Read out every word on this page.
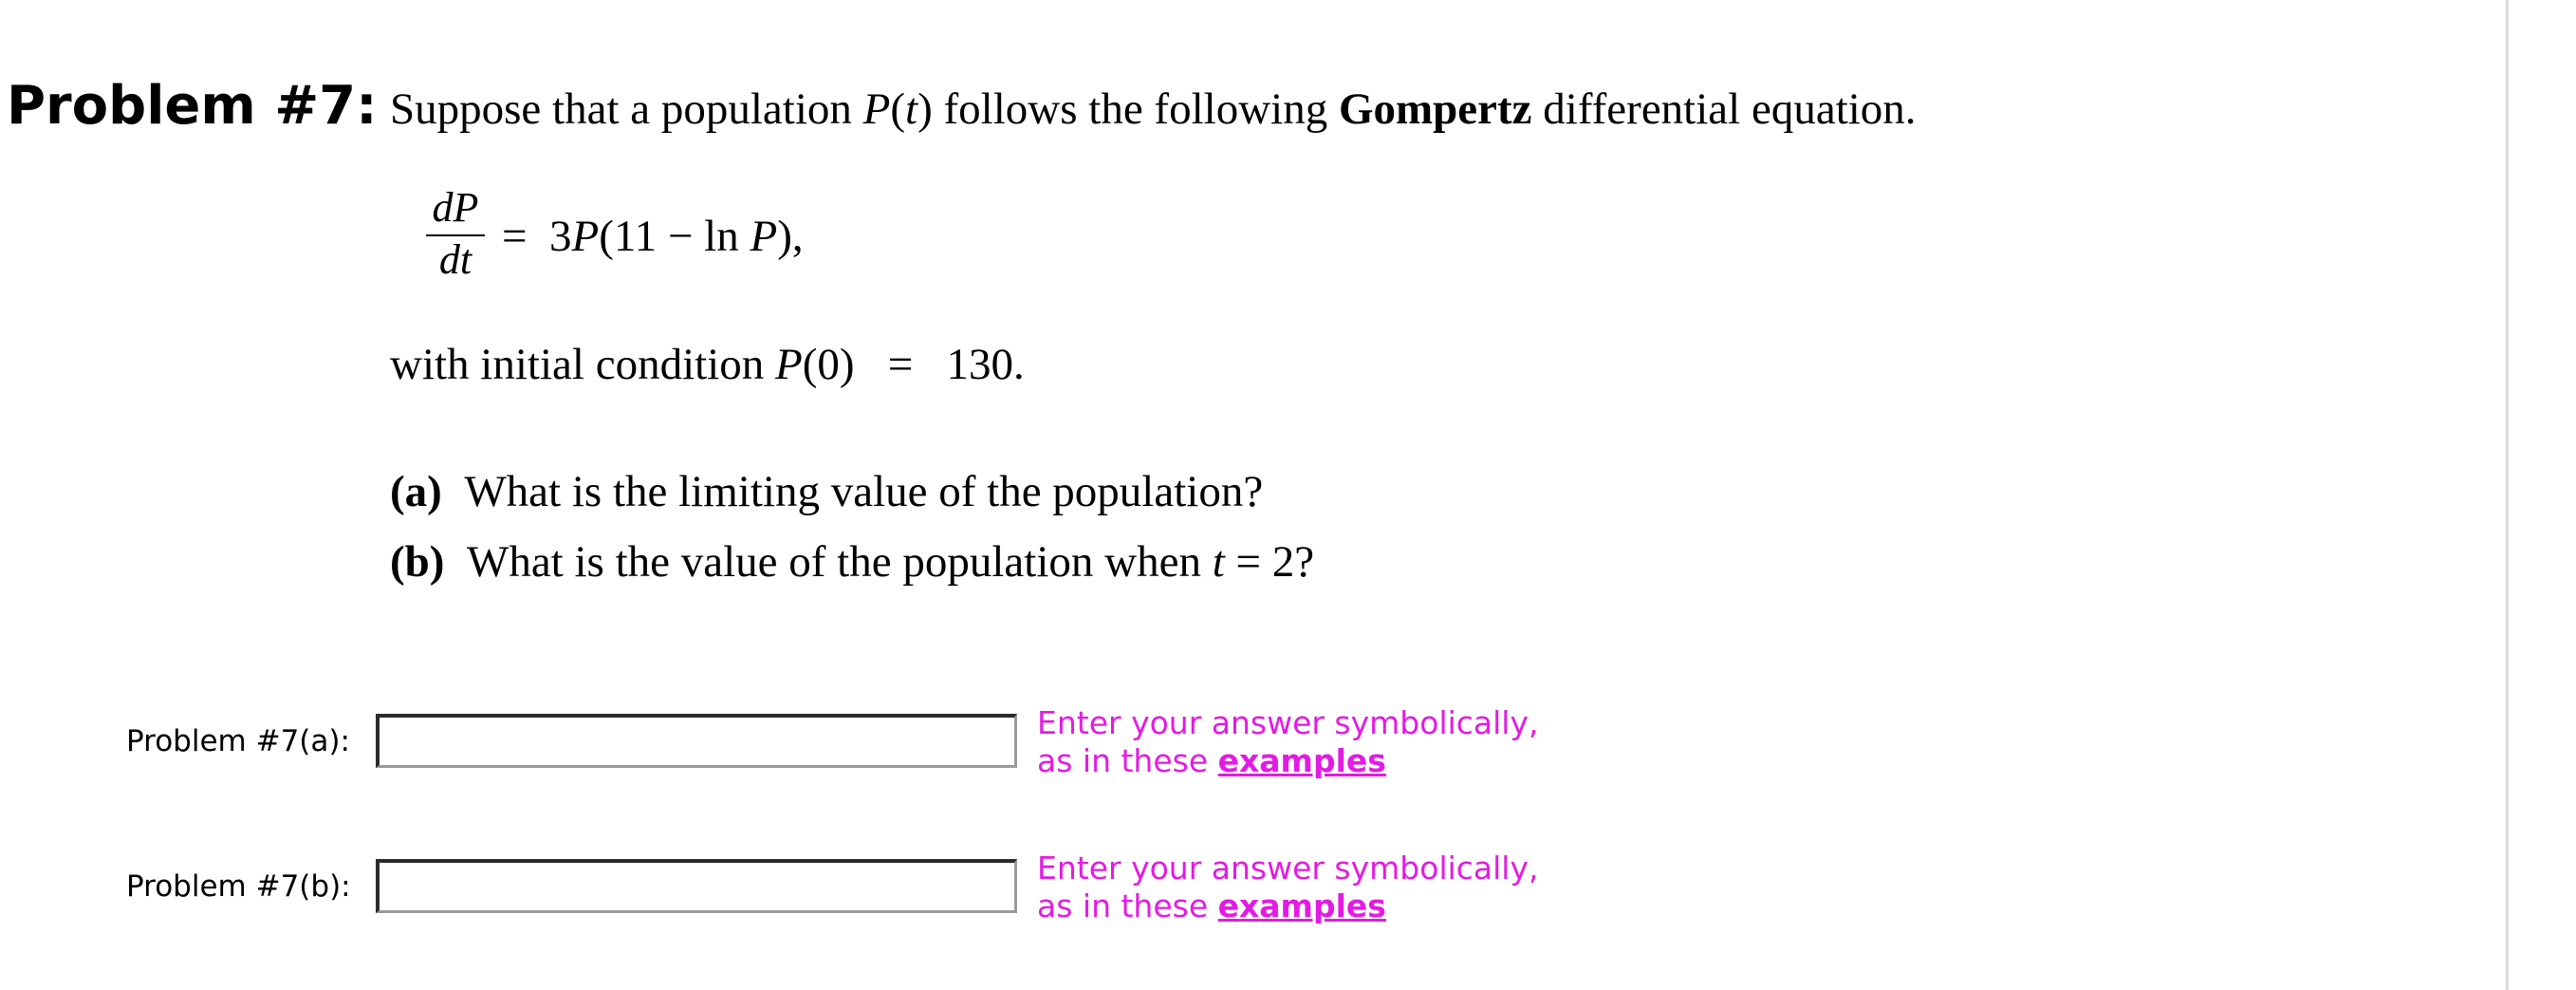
Problem #7: Suppose that a population P(t) follows the following Gompertz differential equation.
dP
dt = 3P(11 − ln P),
with initial condition P(0) = 130.
(a) What is the limiting value of the population?
(b) What is the value of the population when t = 2?
Problem #7(a):	Enter your answer symbolically,
as in these examples
Problem #7(b):	Enter your answer symbolically,
as in these examples
